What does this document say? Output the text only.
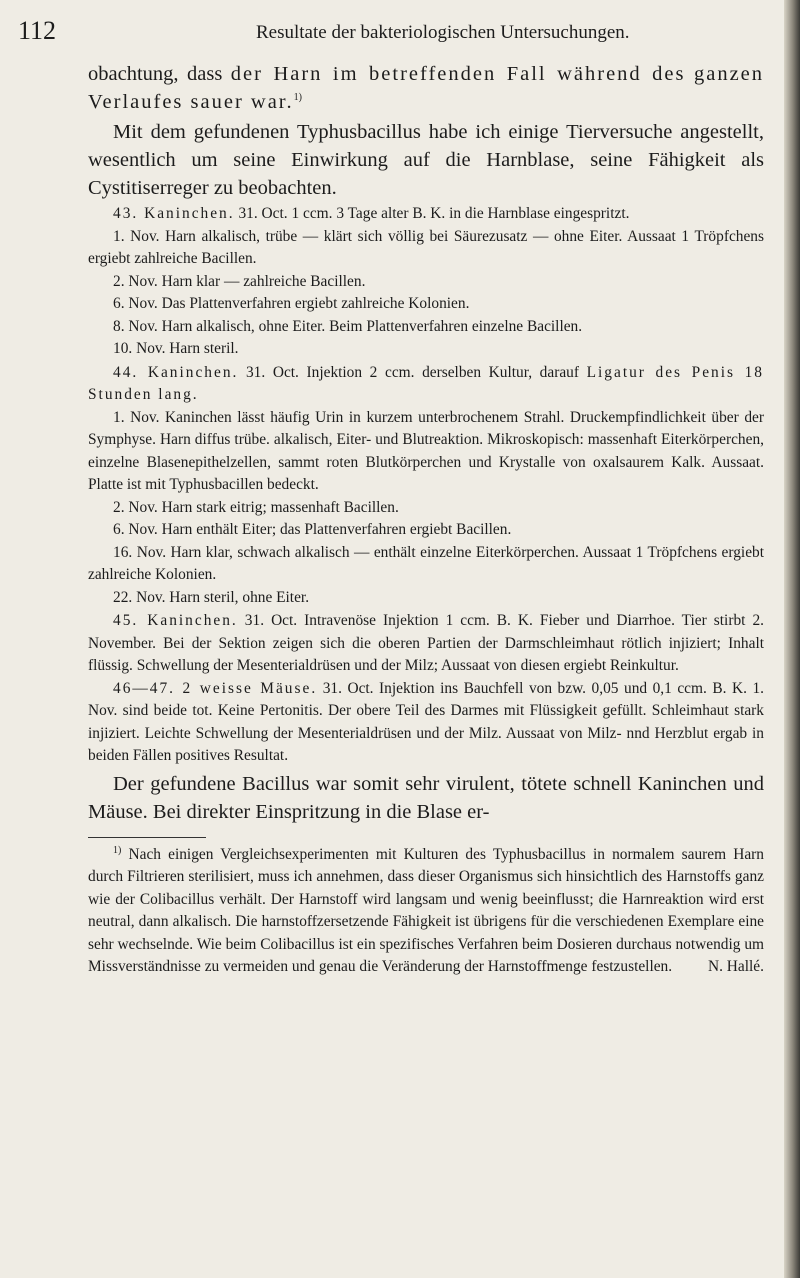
112	Resultate der bakteriologischen Untersuchungen.

obachtung, dass der Harn im betreffenden Fall während des ganzen Verlaufes sauer war.$^{1)}$

Mit dem gefundenen Typhusbacillus habe ich einige Tierversuche angestellt, wesentlich um seine Einwirkung auf die Harnblase, seine Fähigkeit als Cystitiserreger zu beobachten.

43. Kaninchen. 31. Oct. 1 ccm. 3 Tage alter B. K. in die Harnblase eingespritzt.

1. Nov. Harn alkalisch, trübe — klärt sich völlig bei Säurezusatz — ohne Eiter. Aussaat 1 Tröpfchens ergiebt zahlreiche Bacillen.

2. Nov. Harn klar — zahlreiche Bacillen.

6. Nov. Das Plattenverfahren ergiebt zahlreiche Kolonien.

8. Nov. Harn alkalisch, ohne Eiter. Beim Plattenverfahren einzelne Bacillen.

10. Nov. Harn steril.

44. Kaninchen. 31. Oct. Injektion 2 ccm. derselben Kultur, darauf Ligatur des Penis 18 Stunden lang.

1. Nov. Kaninchen lässt häufig Urin in kurzem unterbrochenem Strahl. Druckempfindlichkeit über der Symphyse. Harn diffus trübe. alkalisch, Eiter- und Blutreaktion. Mikroskopisch: massenhaft Eiterkörperchen, einzelne Blasenepithelzellen, sammt roten Blutkörperchen und Krystalle von oxalsaurem Kalk. Aussaat. Platte ist mit Typhusbacillen bedeckt.

2. Nov. Harn stark eitrig; massenhaft Bacillen.

6. Nov. Harn enthält Eiter; das Plattenverfahren ergiebt Bacillen.

16. Nov. Harn klar, schwach alkalisch — enthält einzelne Eiterkörperchen. Aussaat 1 Tröpfchens ergiebt zahlreiche Kolonien.

22. Nov. Harn steril, ohne Eiter.

45. Kaninchen. 31. Oct. Intravenöse Injektion 1 ccm. B. K. Fieber und Diarrhoe. Tier stirbt 2. November. Bei der Sektion zeigen sich die oberen Partien der Darmschleimhaut rötlich injiziert; Inhalt flüssig. Schwellung der Mesenterialdrüsen und der Milz; Aussaat von diesen ergiebt Reinkultur.

46—47. 2 weisse Mäuse. 31. Oct. Injektion ins Bauchfell von bzw. 0,05 und 0,1 ccm. B. K. 1. Nov. sind beide tot. Keine Pertonitis. Der obere Teil des Darmes mit Flüssigkeit gefüllt. Schleimhaut stark injiziert. Leichte Schwellung der Mesenterialdrüsen und der Milz. Aussaat von Milz- nnd Herzblut ergab in beiden Fällen positives Resultat.

Der gefundene Bacillus war somit sehr virulent, tötete schnell Kaninchen und Mäuse. Bei direkter Einspritzung in die Blase er-

$^{1)}$ Nach einigen Vergleichsexperimenten mit Kulturen des Typhusbacillus in normalem saurem Harn durch Filtrieren sterilisiert, muss ich annehmen, dass dieser Organismus sich hinsichtlich des Harnstoffs ganz wie der Colibacillus verhält. Der Harnstoff wird langsam und wenig beeinflusst; die Harnreaktion wird erst neutral, dann alkalisch. Die harnstoffzersetzende Fähigkeit ist übrigens für die verschiedenen Exemplare eine sehr wechselnde. Wie beim Colibacillus ist ein spezifisches Verfahren beim Dosieren durchaus notwendig um Missverständnisse zu vermeiden und genau die Veränderung der Harnstoffmenge festzustellen.	N. Hallé.
